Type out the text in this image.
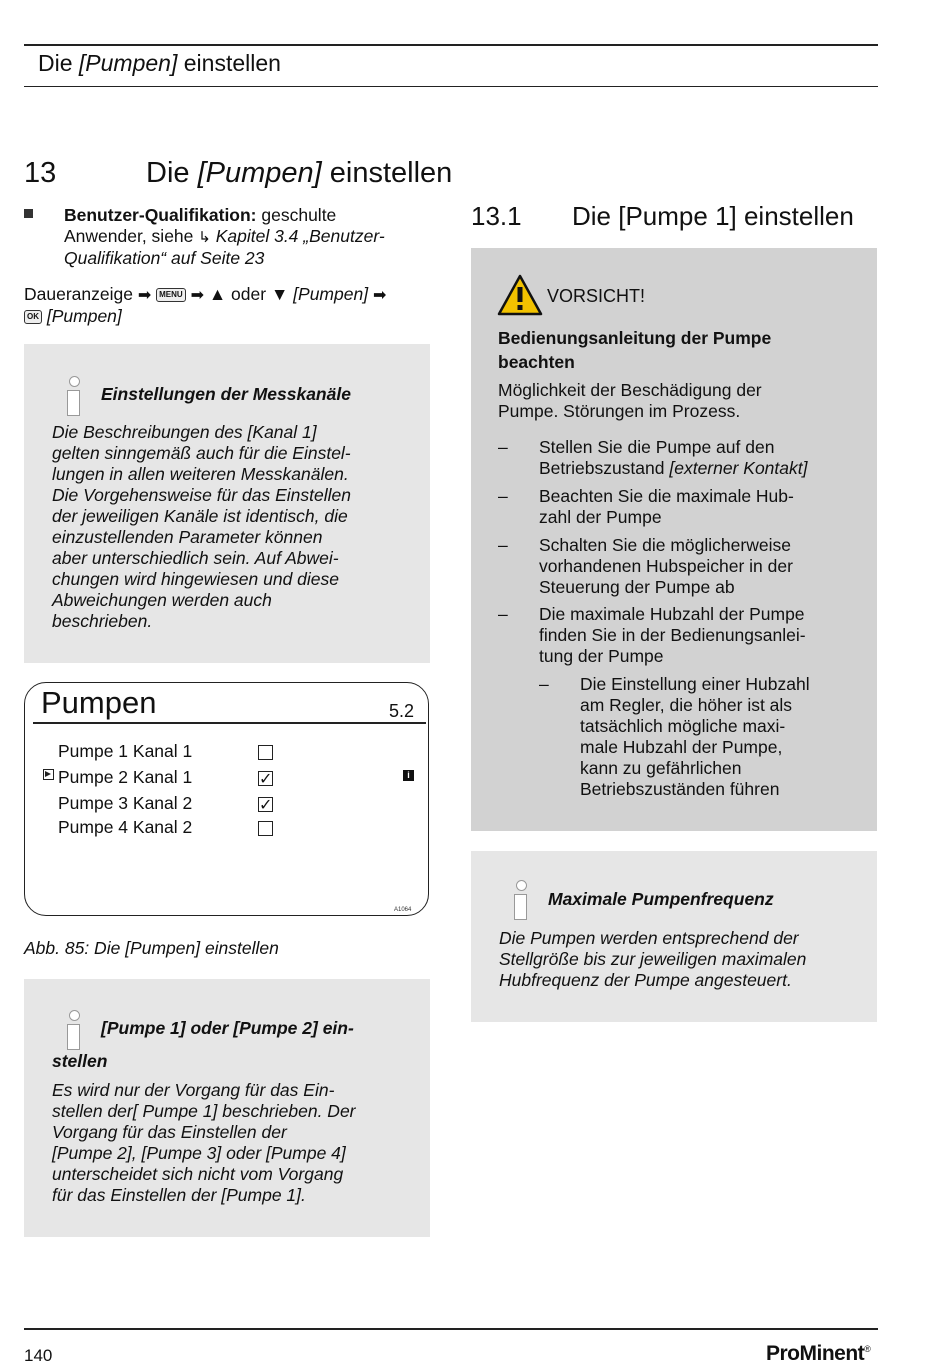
Die [Pumpen] einstellen
13	Die [Pumpen] einstellen
Benutzer-Qualifikation: geschulte
Anwender, siehe ↳ Kapitel 3.4 „Benutzer-
Qualifikation“ auf Seite 23
Daueranzeige ➡ MENU ➡ ▲ oder ▼ [Pumpen] ➡
OK [Pumpen]
Einstellungen der Messkanäle
Die Beschreibungen des [Kanal 1]
gelten sinngemäß auch für die Einstel-
lungen in allen weiteren Messkanälen.
Die Vorgehensweise für das Einstellen
der jeweiligen Kanäle ist identisch, die
einzustellenden Parameter können
aber unterschiedlich sein. Auf Abwei-
chungen wird hingewiesen und diese
Abweichungen werden auch
beschrieben.
Pumpen	5.2
Pumpe 1 Kanal 1
Pumpe 2 Kanal 1	✓
Pumpe 3 Kanal 2	✓
Pumpe 4 Kanal 2
i
A1064
Abb. 85: Die [Pumpen] einstellen
[Pumpe 1] oder [Pumpe 2] ein-
stellen
Es wird nur der Vorgang für das Ein-
stellen der[ Pumpe 1] beschrieben. Der
Vorgang für das Einstellen der
[Pumpe 2], [Pumpe 3] oder [Pumpe 4]
unterscheidet sich nicht vom Vorgang
für das Einstellen der [Pumpe 1].
13.1 Die [Pumpe 1] einstellen
VORSICHT!
Bedienungsanleitung der Pumpe
beachten
Möglichkeit der Beschädigung der
Pumpe. Störungen im Prozess.
– Stellen Sie die Pumpe auf den
Betriebszustand [externer Kontakt]
– Beachten Sie die maximale Hub-
zahl der Pumpe
– Schalten Sie die möglicherweise
vorhandenen Hubspeicher in der
Steuerung der Pumpe ab
– Die maximale Hubzahl der Pumpe
finden Sie in der Bedienungsanlei-
tung der Pumpe
– Die Einstellung einer Hubzahl
am Regler, die höher ist als
tatsächlich mögliche maxi-
male Hubzahl der Pumpe,
kann zu gefährlichen
Betriebszuständen führen
Maximale Pumpenfrequenz
Die Pumpen werden entsprechend der
Stellgröße bis zur jeweiligen maximalen
Hubfrequenz der Pumpe angesteuert.
140	ProMinent®
